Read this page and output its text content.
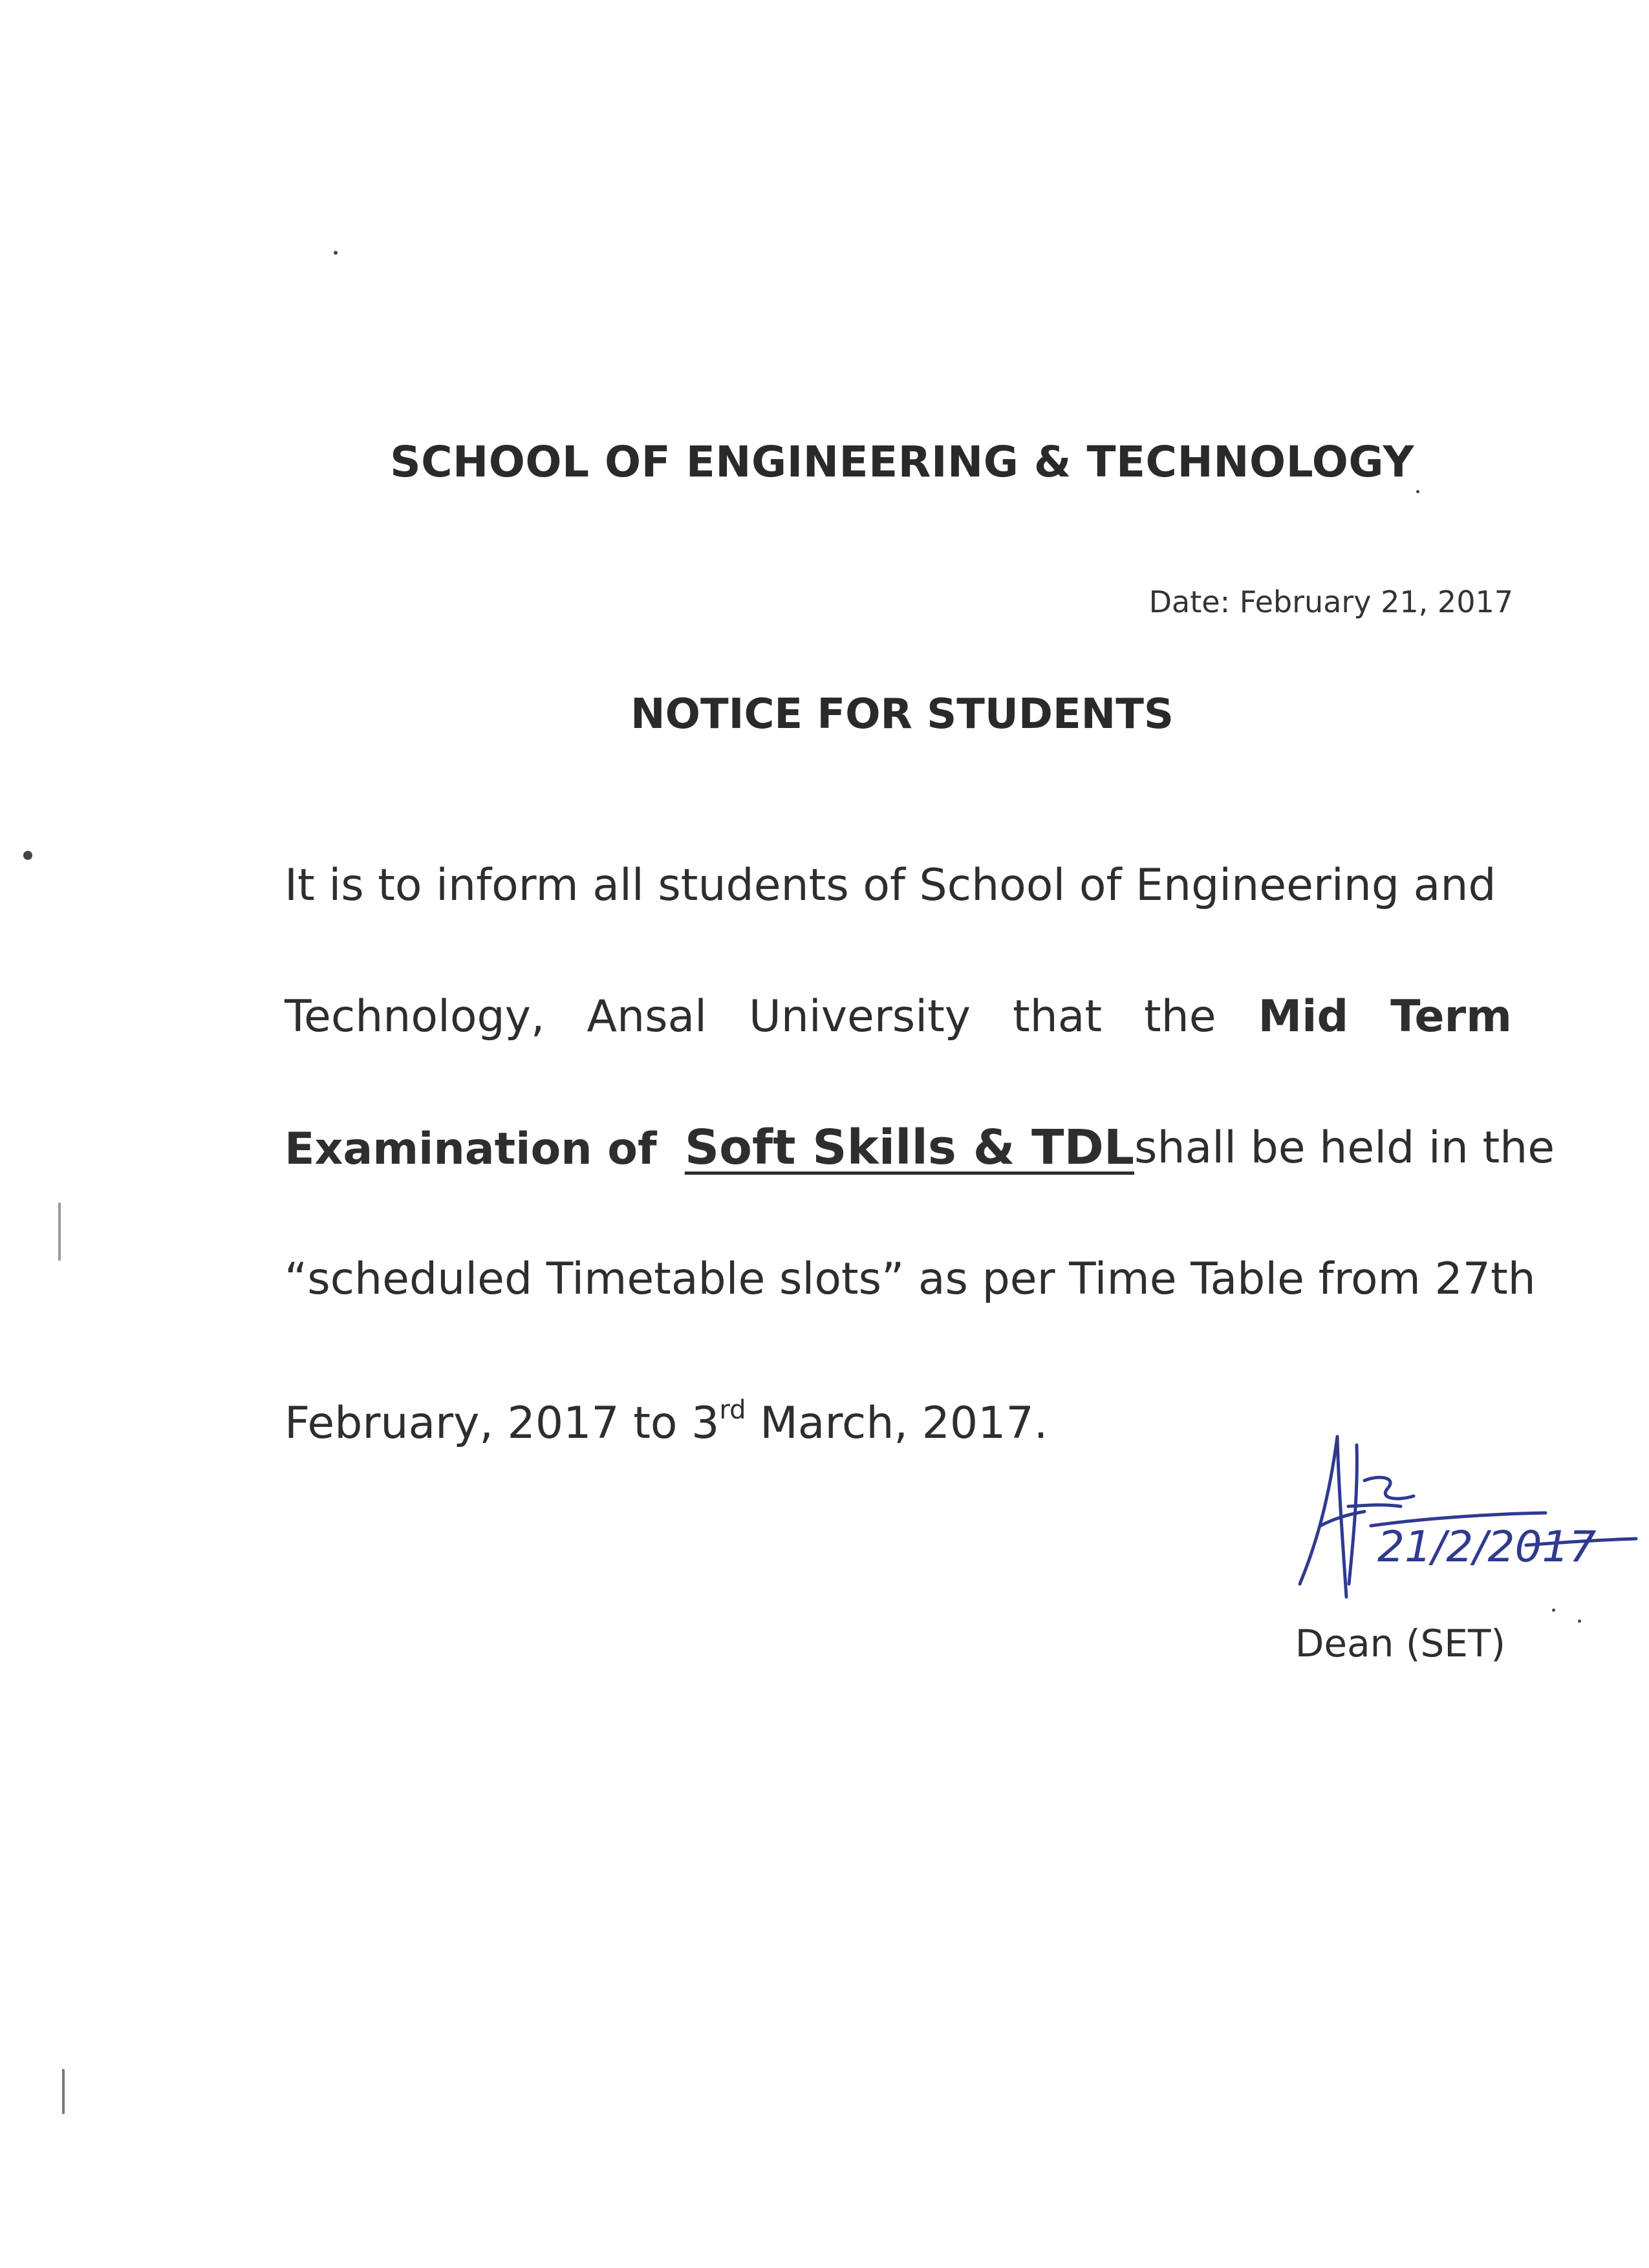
SCHOOL OF ENGINEERING & TECHNOLOGY
Date: February 21, 2017
NOTICE FOR STUDENTS
It is to inform all students of School of Engineering and
Technology, Ansal University that the Mid Term
Examination of Soft Skills & TDL shall be held in the
“scheduled Timetable slots” as per Time Table from 27th
February, 2017 to 3rd March, 2017.
21/2/2017
Dean (SET)
